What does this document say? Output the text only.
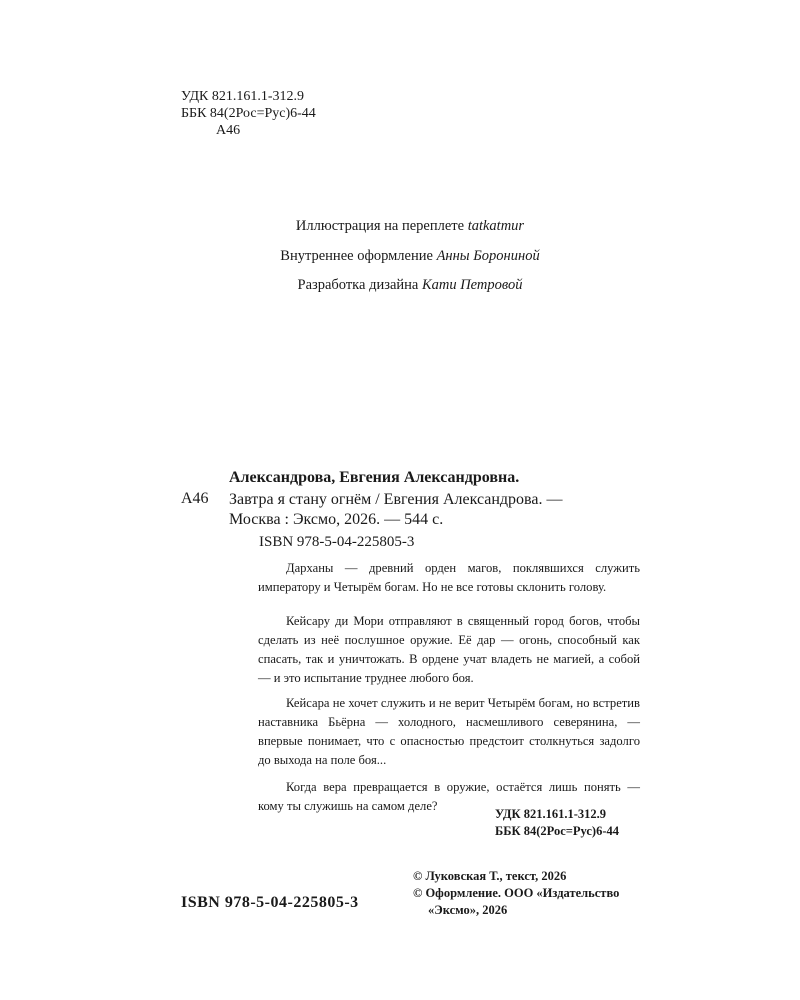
УДК 821.161.1-312.9
ББК 84(2Рос=Рус)6-44
А46
Иллюстрация на переплете tatkatmur
Внутреннее оформление Анны Борониной
Разработка дизайна Кати Петровой
Александрова, Евгения Александровна.
А46 Завтра я стану огнём / Евгения Александрова. —
Москва : Эксмо, 2026. — 544 с.
ISBN 978-5-04-225805-3

Дарханы — древний орден магов, поклявшихся служить императору и Четырём богам. Но не все готовы склонить голову.

Кейсару ди Мори отправляют в священный город богов, чтобы сделать из неё послушное оружие. Её дар — огонь, способный как спасать, так и уничтожать. В ордене учат владеть не магией, а собой — и это испытание труднее любого боя.

Кейсара не хочет служить и не верит Четырём богам, но встретив наставника Бьёрна — холодного, насмешливого северянина, — впервые понимает, что с опасностью предстоит столкнуться задолго до выхода на поле боя...

Когда вера превращается в оружие, остаётся лишь понять — кому ты служишь на самом деле?

УДК 821.161.1-312.9
ББК 84(2Рос=Рус)6-44
© Луковская Т., текст, 2026
© Оформление. ООО «Издательство
«Эксмо», 2026
ISBN 978-5-04-225805-3
